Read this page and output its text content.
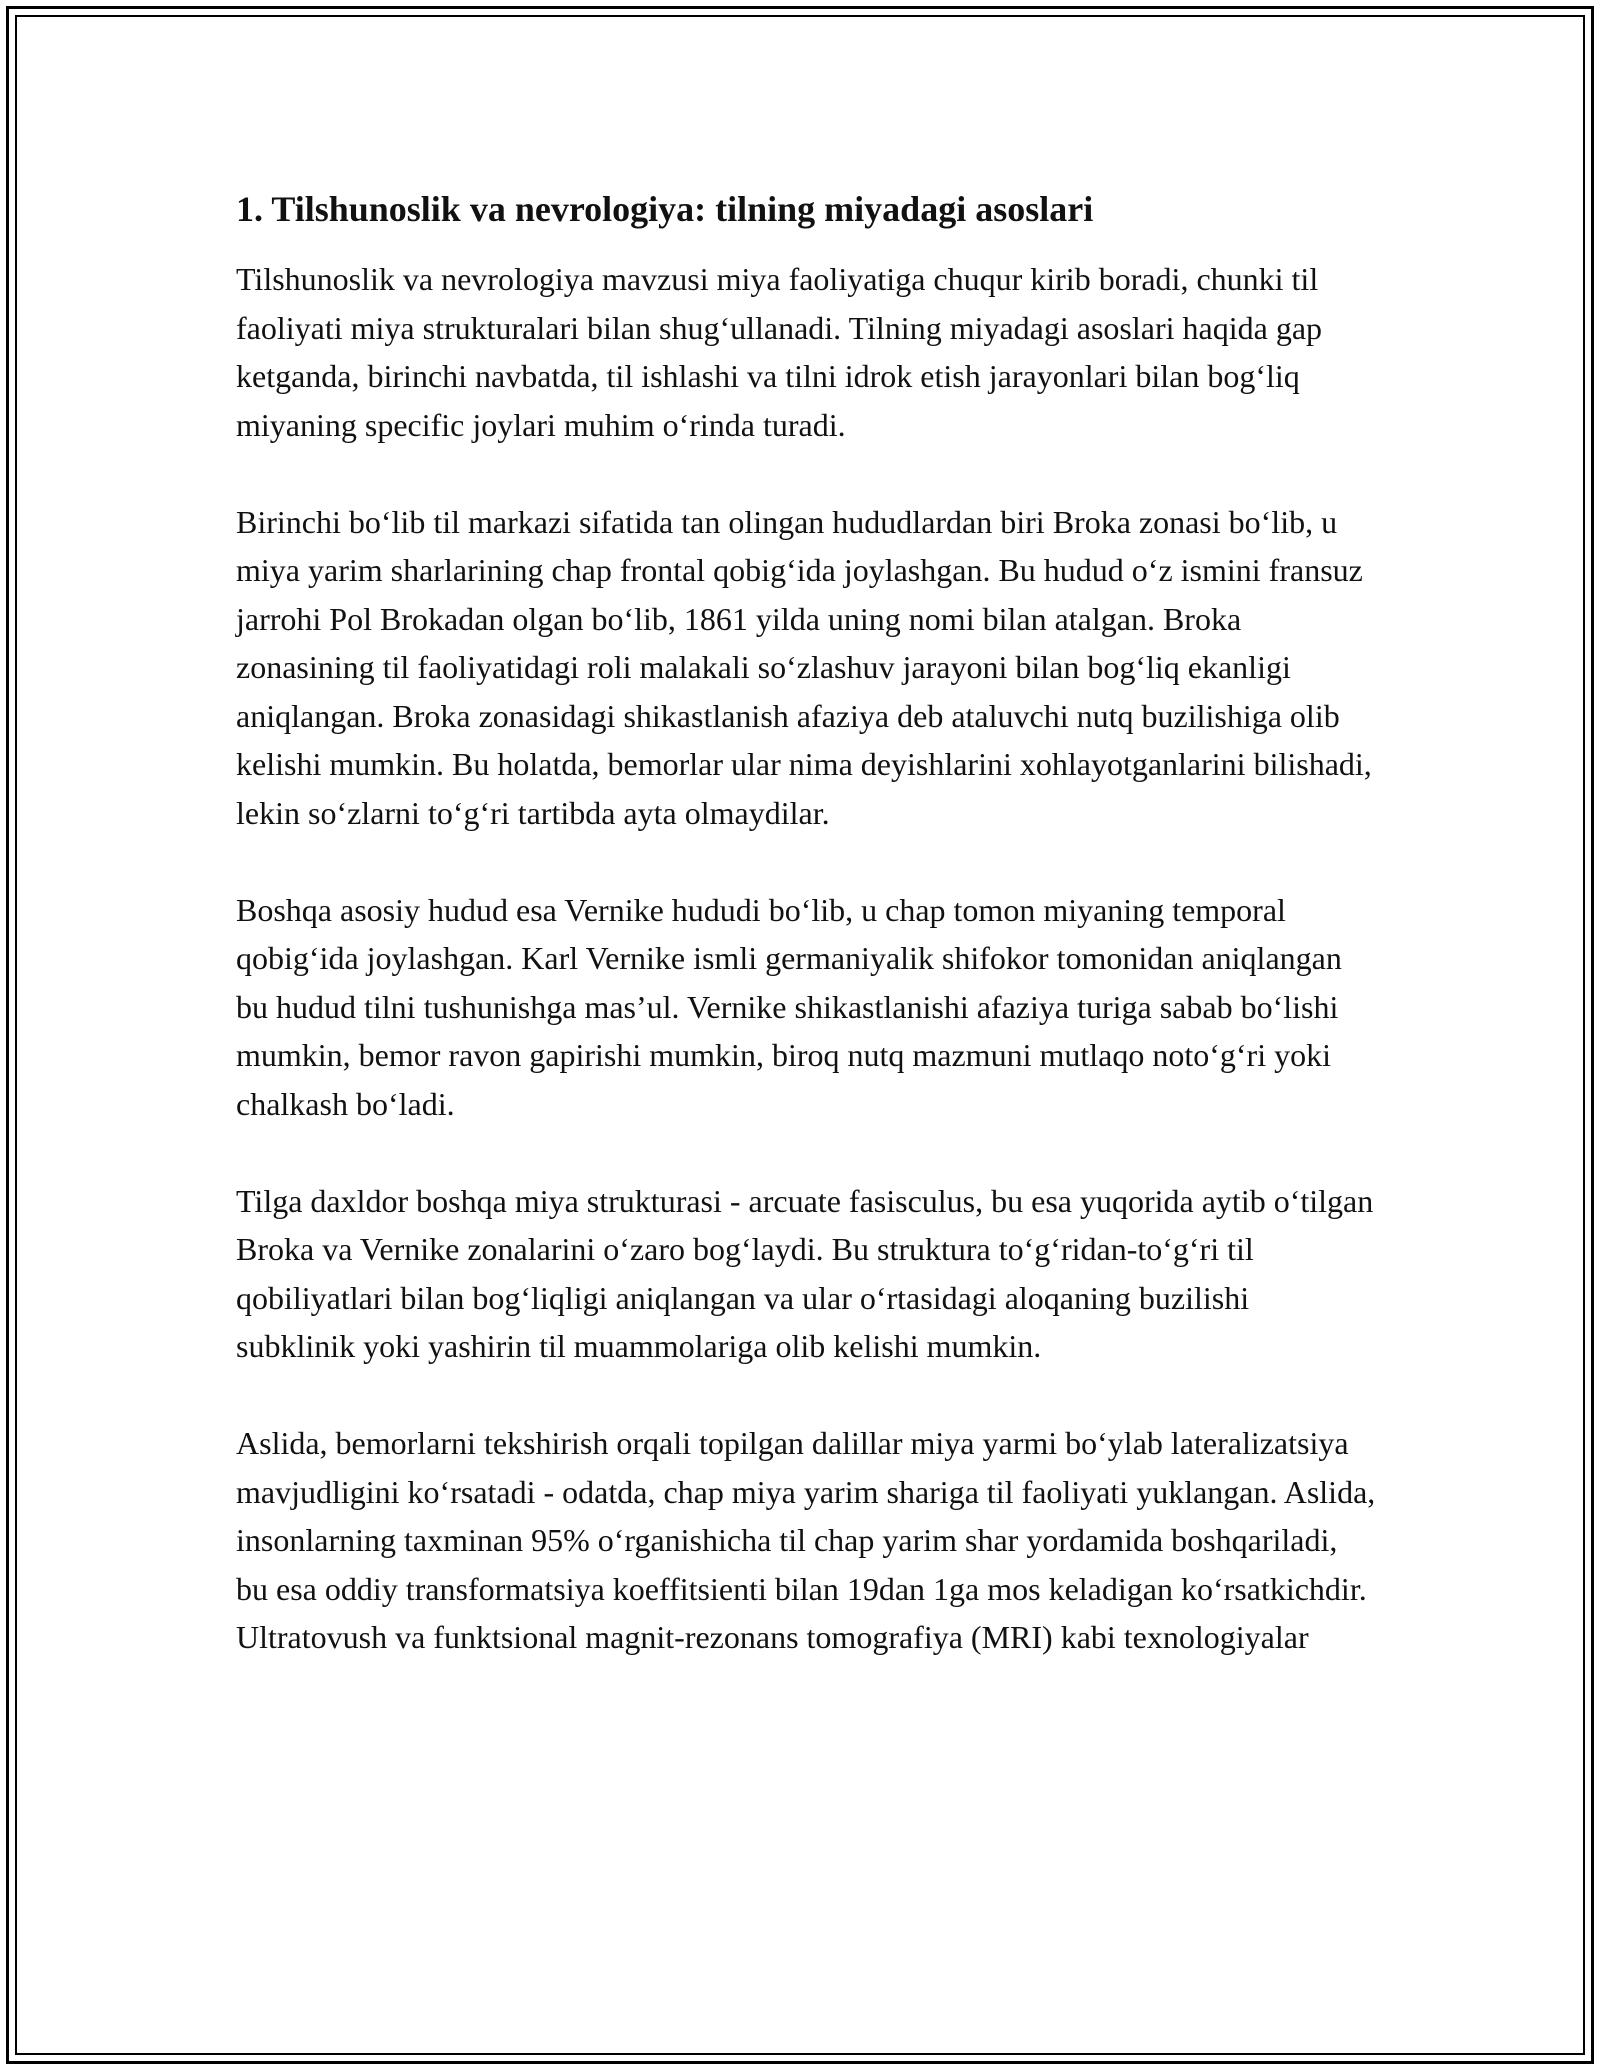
1. Tilshunoslik va nevrologiya: tilning miyadagi asoslari

Tilshunoslik va nevrologiya mavzusi miya faoliyatiga chuqur kirib boradi, chunki til faoliyati miya strukturalari bilan shug‘ullanadi. Tilning miyadagi asoslari haqida gap ketganda, birinchi navbatda, til ishlashi va tilni idrok etish jarayonlari bilan bog‘liq miyaning specific joylari muhim o‘rinda turadi.

Birinchi bo‘lib til markazi sifatida tan olingan hududlardan biri Broka zonasi bo‘lib, u miya yarim sharlarining chap frontal qobig‘ida joylashgan. Bu hudud o‘z ismini fransuz jarrohi Pol Brokadan olgan bo‘lib, 1861 yilda uning nomi bilan atalgan. Broka zonasining til faoliyatidagi roli malakali so‘zlashuv jarayoni bilan bog‘liq ekanligi aniqlangan. Broka zonasidagi shikastlanish afaziya deb ataluvchi nutq buzilishiga olib kelishi mumkin. Bu holatda, bemorlar ular nima deyishlarini xohlayotganlarini bilishadi, lekin so‘zlarni to‘g‘ri tartibda ayta olmaydilar.

Boshqa asosiy hudud esa Vernike hududi bo‘lib, u chap tomon miyaning temporal qobig‘ida joylashgan. Karl Vernike ismli germaniyalik shifokor tomonidan aniqlangan bu hudud tilni tushunishga mas’ul. Vernike shikastlanishi afaziya turiga sabab bo‘lishi mumkin, bemor ravon gapirishi mumkin, biroq nutq mazmuni mutlaqo noto‘g‘ri yoki chalkash bo‘ladi.

Tilga daxldor boshqa miya strukturasi - arcuate fasisculus, bu esa yuqorida aytib o‘tilgan Broka va Vernike zonalarini o‘zaro bog‘laydi. Bu struktura to‘g‘ridan-to‘g‘ri til qobiliyatlari bilan bog‘liqligi aniqlangan va ular o‘rtasidagi aloqaning buzilishi subklinik yoki yashirin til muammolariga olib kelishi mumkin.

Aslida, bemorlarni tekshirish orqali topilgan dalillar miya yarmi bo‘ylab lateralizatsiya mavjudligini ko‘rsatadi - odatda, chap miya yarim shariga til faoliyati yuklangan. Aslida, insonlarning taxminan 95% o‘rganishicha til chap yarim shar yordamida boshqariladi, bu esa oddiy transformatsiya koeffitsienti bilan 19dan 1ga mos keladigan ko‘rsatkichdir. Ultratovush va funktsional magnit-rezonans tomografiya (MRI) kabi texnologiyalar
